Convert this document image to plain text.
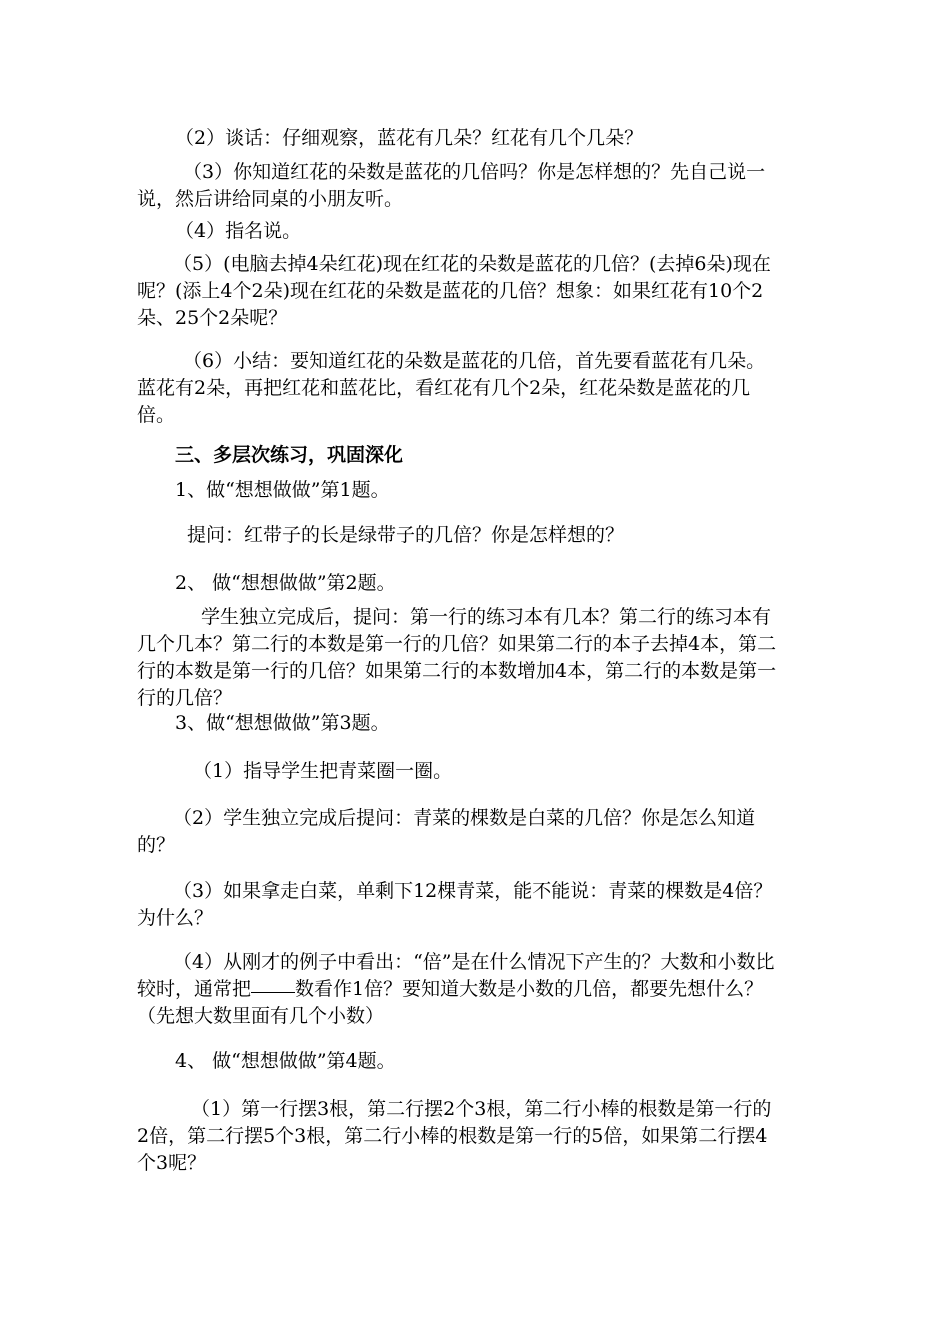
（2）谈话：仔细观察，蓝花有几朵？红花有几个几朵？

（3）你知道红花的朵数是蓝花的几倍吗？你是怎样想的？先自己说一说，然后讲给同桌的小朋友听。

（4）指名说。

（5）(电脑去掉4朵红花)现在红花的朵数是蓝花的几倍？(去掉6朵)现在呢？(添上4个2朵)现在红花的朵数是蓝花的几倍？想象：如果红花有10个2朵、25个2朵呢？

（6）小结：要知道红花的朵数是蓝花的几倍，首先要看蓝花有几朵。蓝花有2朵，再把红花和蓝花比，看红花有几个2朵，红花朵数是蓝花的几倍。

三、多层次练习，巩固深化

1、做“想想做做”第1题。

提问：红带子的长是绿带子的几倍？你是怎样想的？

2、 做“想想做做”第2题。

学生独立完成后，提问：第一行的练习本有几本？第二行的练习本有几个几本？第二行的本数是第一行的几倍？如果第二行的本子去掉4本，第二行的本数是第一行的几倍？如果第二行的本数增加4本，第二行的本数是第一行的几倍？

3、做“想想做做”第3题。

（1）指导学生把青菜圈一圈。

（2）学生独立完成后提问：青菜的棵数是白菜的几倍？你是怎么知道的？

（3）如果拿走白菜，单剩下12棵青菜，能不能说：青菜的棵数是4倍？为什么？

（4）从刚才的例子中看出：“倍”是在什么情况下产生的？大数和小数比较时，通常把 数看作1倍？要知道大数是小数的几倍，都要先想什么？（先想大数里面有几个小数）

4、 做“想想做做”第4题。

（1）第一行摆3根，第二行摆2个3根，第二行小棒的根数是第一行的2倍，第二行摆5个3根，第二行小棒的根数是第一行的5倍，如果第二行摆4个3呢？
